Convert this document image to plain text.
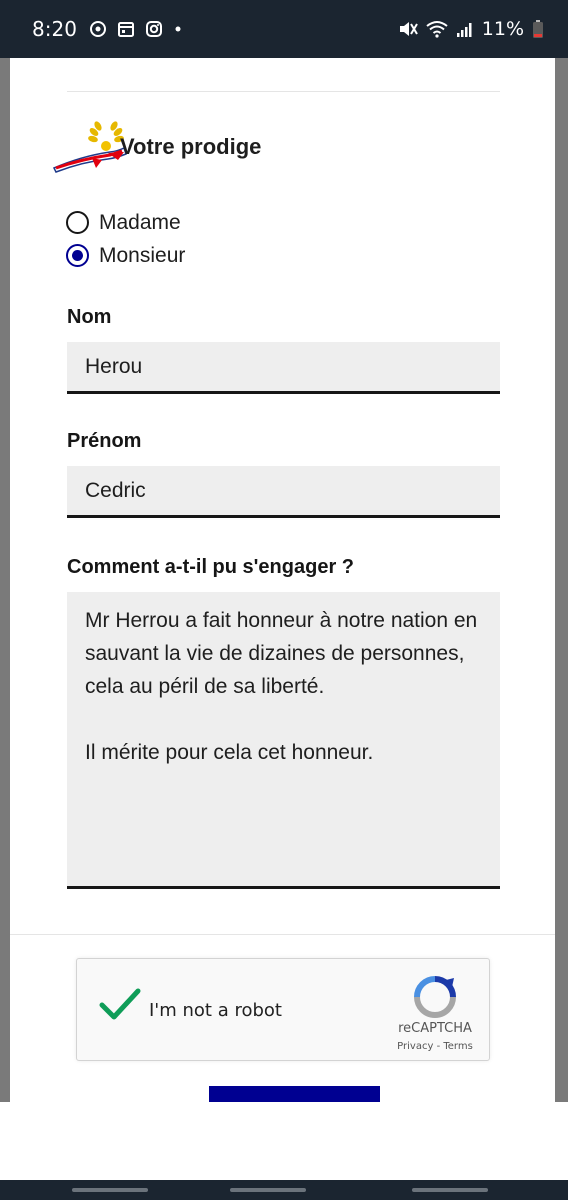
8:20	11%
Votre prodige
Madame
Monsieur
Nom
Herou
Prénom
Cedric
Comment a-t-il pu s'engager ?

Mr Herrou a fait honneur à notre nation en sauvant la vie de dizaines de personnes, cela au péril de sa liberté.

Il mérite pour cela cet honneur.

I'm not a robot
reCAPTCHA
Privacy - Terms
